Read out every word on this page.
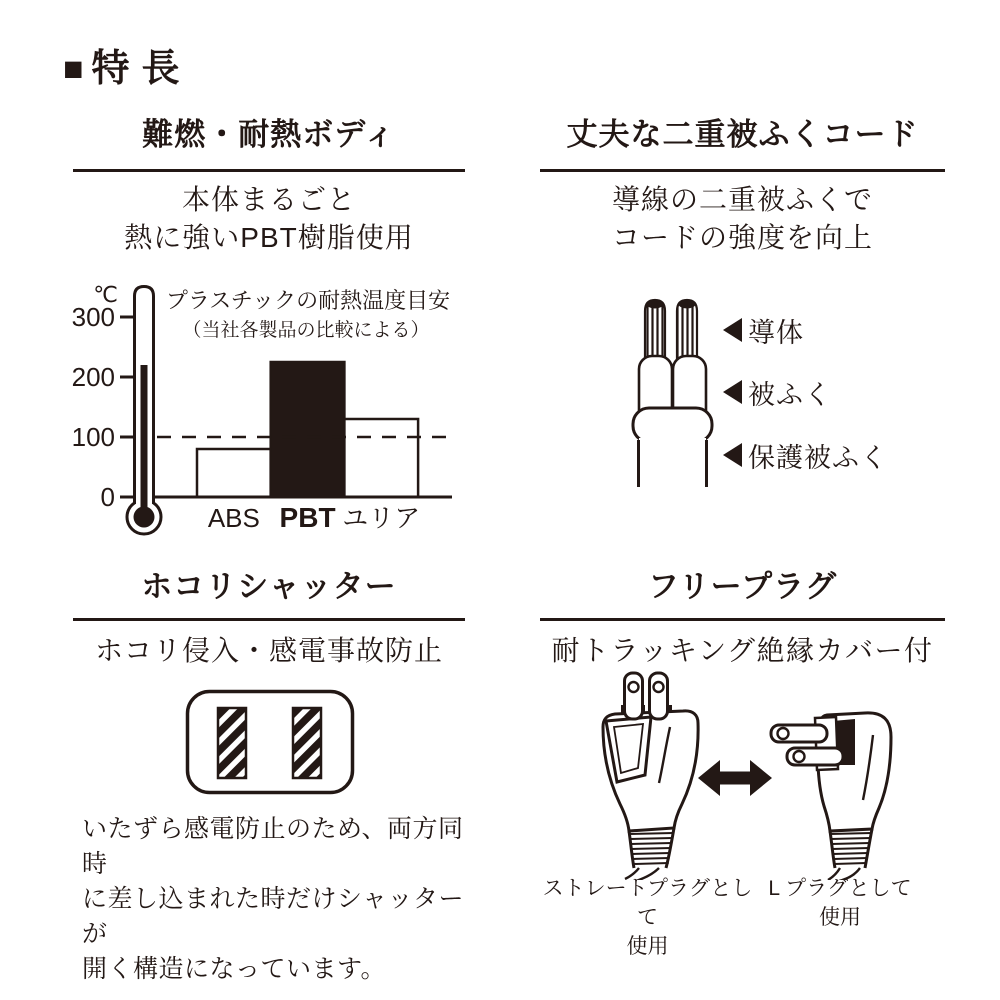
■ 特長
難燃・耐熱ボディ
本体まるごと
熱に強いPBT樹脂使用
プラスチックの耐熱温度目安
（当社各製品の比較による）
℃
0
100
200
300
ABS PBT ユリア
丈夫な二重被ふくコード
導線の二重被ふくで
コードの強度を向上
導体
被ふく
保護被ふく
ホコリシャッター
ホコリ侵入・感電事故防止
いたずら感電防止のため、両方同時
に差し込まれた時だけシャッターが
開く構造になっています。
フリープラグ
耐トラッキング絶縁カバー付
ストレートプラグとして
使用
L プラグとして
使用
